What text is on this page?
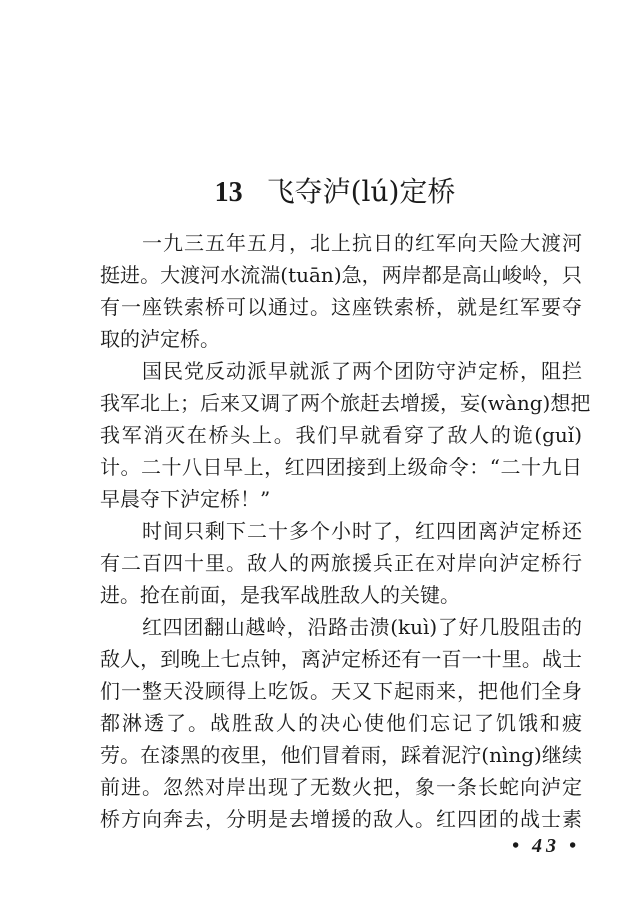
13 飞夺泸(lú)定桥
一九三五年五月，北上抗日的红军向天险大渡河
挺进。大渡河水流湍(tuān)急，两岸都是高山峻岭，只
有一座铁索桥可以通过。这座铁索桥，就是红军要夺
取的泸定桥。
国民党反动派早就派了两个团防守泸定桥，阻拦
我军北上；后来又调了两个旅赶去增援，妄(wàng)想把
我军消灭在桥头上。我们早就看穿了敌人的诡(guǐ)
计。二十八日早上，红四团接到上级命令：“二十九日
早晨夺下泸定桥！”
时间只剩下二十多个小时了，红四团离泸定桥还
有二百四十里。敌人的两旅援兵正在对岸向泸定桥行
进。抢在前面，是我军战胜敌人的关键。
红四团翻山越岭，沿路击溃(kuì)了好几股阻击的
敌人，到晚上七点钟，离泸定桥还有一百一十里。战士
们一整天没顾得上吃饭。天又下起雨来，把他们全身
都淋透了。战胜敌人的决心使他们忘记了饥饿和疲
劳。在漆黑的夜里，他们冒着雨，踩着泥泞(nìng)继续
前进。忽然对岸出现了无数火把，象一条长蛇向泸定
桥方向奔去，分明是去增援的敌人。红四团的战士素
• 43 •
